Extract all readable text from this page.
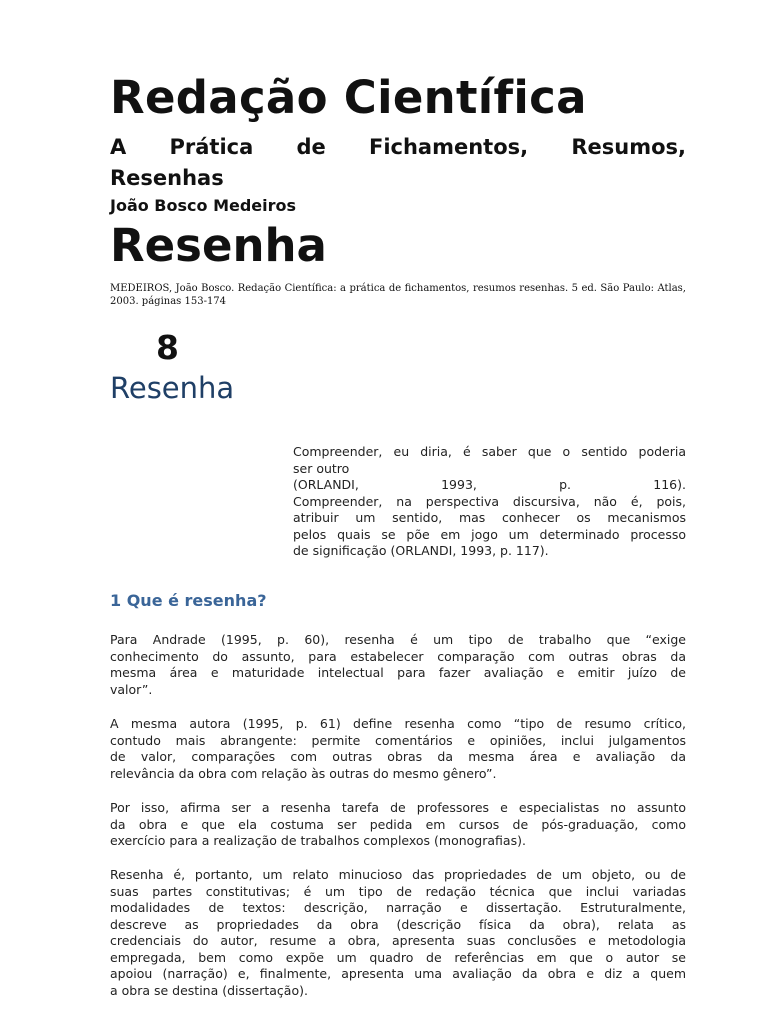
Redação Científica
A Prática de Fichamentos, Resumos,
Resenhas
João Bosco Medeiros
Resenha

MEDEIROS, João Bosco. Redação Científica: a prática de fichamentos, resumos resenhas. 5 ed. São Paulo: Atlas, 2003. páginas 153-174

8
Resenha
Compreender, eu diria, é saber que o sentido poderia
ser outro
(ORLANDI, 1993, p. 116).
Compreender, na perspectiva discursiva, não é, pois,
atribuir um sentido, mas conhecer os mecanismos
pelos quais se põe em jogo um determinado processo
de significação (ORLANDI, 1993, p. 117).
1 Que é resenha?
Para Andrade (1995, p. 60), resenha é um tipo de trabalho que “exige
conhecimento do assunto, para estabelecer comparação com outras obras da
mesma área e maturidade intelectual para fazer avaliação e emitir juízo de
valor”.
A mesma autora (1995, p. 61) define resenha como “tipo de resumo crítico,
contudo mais abrangente: permite comentários e opiniões, inclui julgamentos
de valor, comparações com outras obras da mesma área e avaliação da
relevância da obra com relação às outras do mesmo gênero”.
Por isso, afirma ser a resenha tarefa de professores e especialistas no assunto
da obra e que ela costuma ser pedida em cursos de pós-graduação, como
exercício para a realização de trabalhos complexos (monografias).
Resenha é, portanto, um relato minucioso das propriedades de um objeto, ou de
suas partes constitutivas; é um tipo de redação técnica que inclui variadas
modalidades de textos: descrição, narração e dissertação. Estruturalmente,
descreve as propriedades da obra (descrição física da obra), relata as
credenciais do autor, resume a obra, apresenta suas conclusões e metodologia
empregada, bem como expõe um quadro de referências em que o autor se
apoiou (narração) e, finalmente, apresenta uma avaliação da obra e diz a quem
a obra se destina (dissertação).
